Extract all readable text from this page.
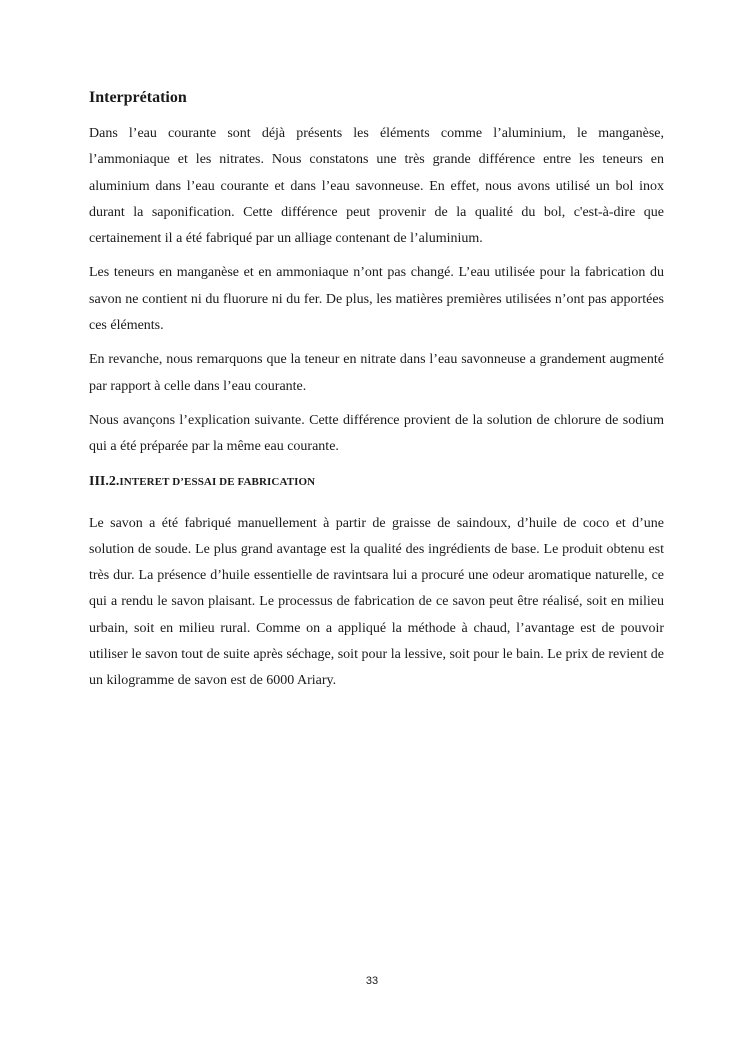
Interprétation

Dans l’eau courante sont déjà présents les éléments comme l’aluminium, le manganèse, l’ammoniaque et les nitrates. Nous constatons une très grande différence entre les teneurs en aluminium dans l’eau courante et dans l’eau savonneuse. En effet, nous avons utilisé un bol inox durant la saponification. Cette différence peut provenir de la qualité du bol, c'est-à-dire que certainement il a été fabriqué par un alliage contenant de l’aluminium.

Les teneurs en manganèse et en ammoniaque n’ont pas changé. L’eau utilisée pour la fabrication du savon ne contient ni du fluorure ni du fer. De plus, les matières premières utilisées n’ont pas apportées ces éléments.

En revanche, nous remarquons que la teneur en nitrate dans l’eau savonneuse a grandement augmenté par rapport à celle dans l’eau courante.

Nous avançons l’explication suivante. Cette différence provient de la solution de chlorure de sodium qui a été préparée par la même eau courante.

III.2.INTERET D’ESSAI DE FABRICATION

Le savon a été fabriqué manuellement à partir de graisse de saindoux, d’huile de coco et d’une solution de soude. Le plus grand avantage est la qualité des ingrédients de base. Le produit obtenu est très dur. La présence d’huile essentielle de ravintsara lui a procuré une odeur aromatique naturelle, ce qui a rendu le savon plaisant. Le processus de fabrication de ce savon peut être réalisé, soit en milieu urbain, soit en milieu rural. Comme on a appliqué la méthode à chaud, l’avantage est de pouvoir utiliser le savon tout de suite après séchage, soit pour la lessive, soit pour le bain. Le prix de revient de un kilogramme de savon est de 6000 Ariary.

33
